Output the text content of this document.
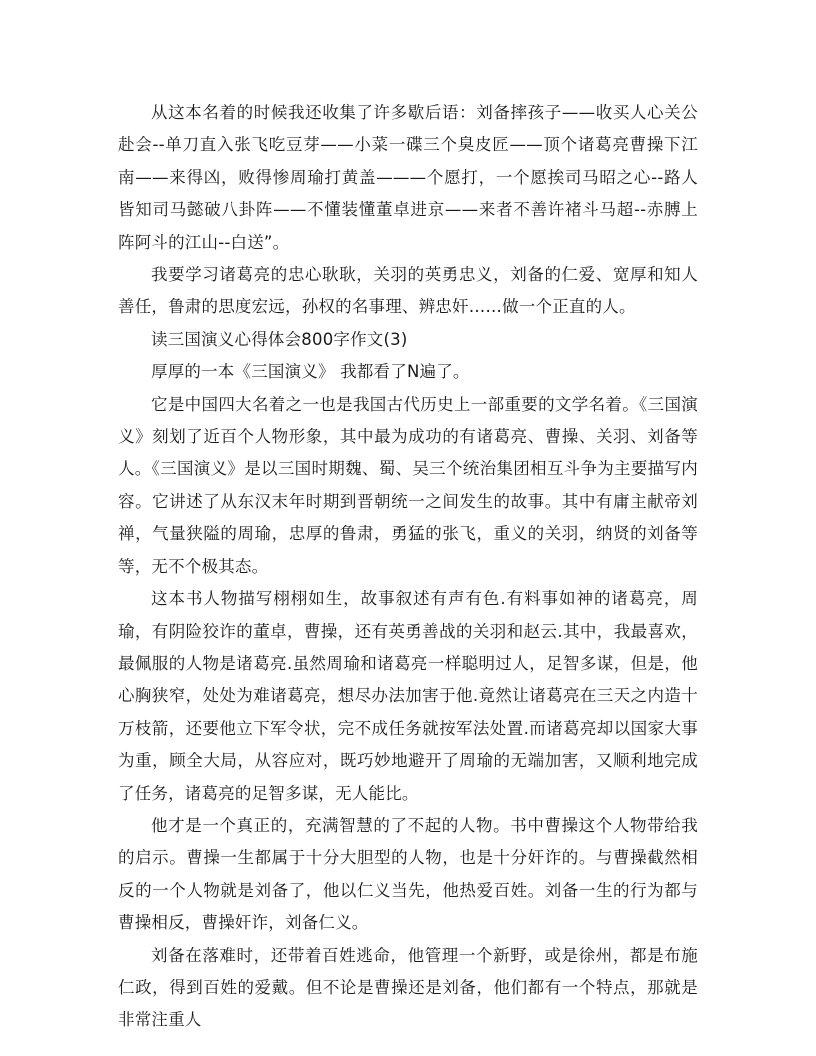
从这本名着的时候我还收集了许多歇后语：刘备摔孩子——收买人心关公赴会--单刀直入张飞吃豆芽——小菜一碟三个臭皮匠——顶个诸葛亮曹操下江南——来得凶，败得惨周瑜打黄盖———个愿打，一个愿挨司马昭之心--路人皆知司马懿破八卦阵——不懂装懂董卓进京——来者不善许褚斗马超--赤膊上阵阿斗的江山--白送”。

我要学习诸葛亮的忠心耿耿，关羽的英勇忠义，刘备的仁爱、宽厚和知人善任，鲁肃的思度宏远，孙权的名事理、辨忠奸……做一个正直的人。

读三国演义心得体会800字作文(3)

厚厚的一本《三国演义》 我都看了N遍了。

它是中国四大名着之一也是我国古代历史上一部重要的文学名着。《三国演义》刻划了近百个人物形象，其中最为成功的有诸葛亮、曹操、关羽、刘备等人。《三国演义》是以三国时期魏、蜀、吴三个统治集团相互斗争为主要描写内容。它讲述了从东汉末年时期到晋朝统一之间发生的故事。其中有庸主献帝刘禅，气量狭隘的周瑜，忠厚的鲁肃，勇猛的张飞，重义的关羽，纳贤的刘备等等，无不个极其态。

这本书人物描写栩栩如生，故事叙述有声有色.有料事如神的诸葛亮，周瑜，有阴险狡诈的董卓，曹操，还有英勇善战的关羽和赵云.其中，我最喜欢，最佩服的人物是诸葛亮.虽然周瑜和诸葛亮一样聪明过人，足智多谋，但是，他心胸狭窄，处处为难诸葛亮，想尽办法加害于他.竟然让诸葛亮在三天之内造十万枝箭，还要他立下军令状，完不成任务就按军法处置.而诸葛亮却以国家大事为重，顾全大局，从容应对，既巧妙地避开了周瑜的无端加害，又顺利地完成了任务，诸葛亮的足智多谋，无人能比。

他才是一个真正的，充满智慧的了不起的人物。书中曹操这个人物带给我的启示。曹操一生都属于十分大胆型的人物，也是十分奸诈的。与曹操截然相反的一个人物就是刘备了，他以仁义当先，他热爱百姓。刘备一生的行为都与曹操相反，曹操奸诈，刘备仁义。

刘备在落难时，还带着百姓逃命，他管理一个新野，或是徐州，都是布施仁政，得到百姓的爱戴。但不论是曹操还是刘备，他们都有一个特点，那就是非常注重人
